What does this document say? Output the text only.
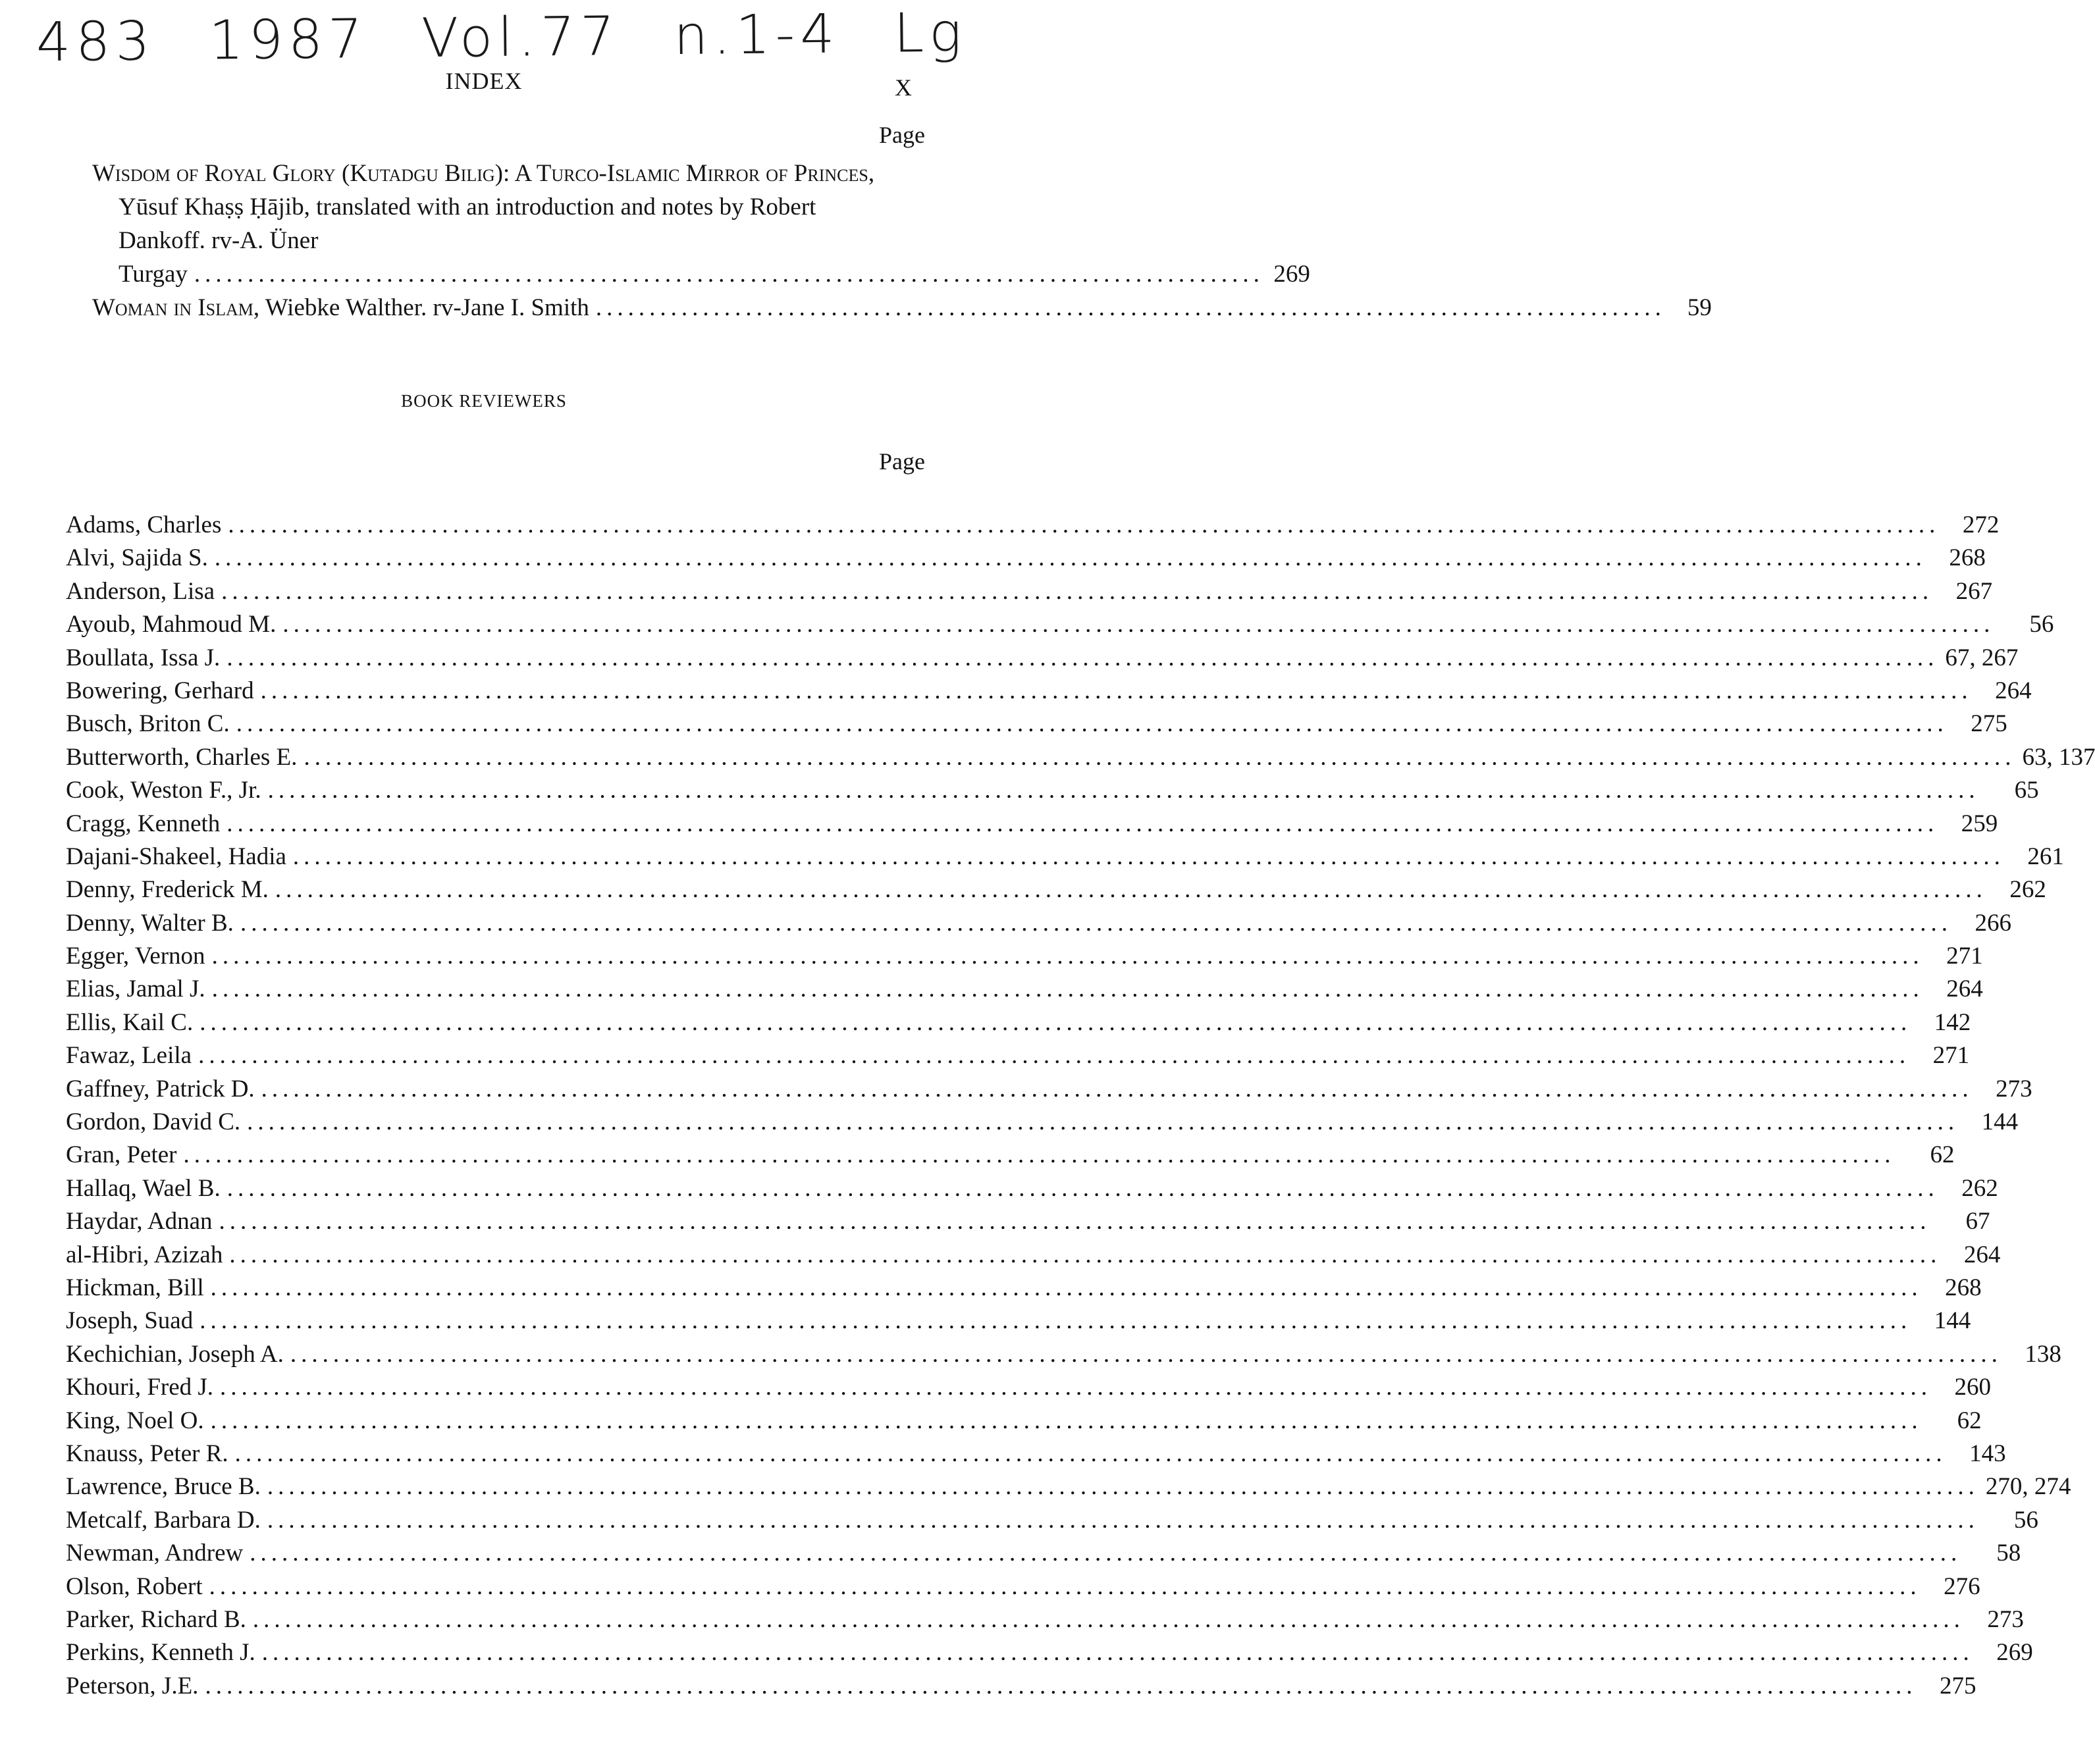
483 1987 Vol.77 n.1-4 Lg
INDEX	X
Page
Wisdom of Royal Glory (Kutadgu Bilig): A Turco-Islamic Mirror of Princes, Yūsuf Khaṣṣ Ḥājib, translated with an introduction and notes by Robert Dankoff. rv-A. Üner
Turgay .................................................................................................... 269
Woman in Islam, Wiebke Walther. rv-Jane I. Smith .................................................................................................... 59
BOOK REVIEWERS
Page
Adams, Charles ................................................................................................................................................................ 272
Alvi, Sajida S. ................................................................................................................................................................ 268
Anderson, Lisa ................................................................................................................................................................ 267
Ayoub, Mahmoud M. ................................................................................................................................................................	56
Boullata, Issa J. ................................................................................................................................................................ 67, 267
Bowering, Gerhard ................................................................................................................................................................ 264
Busch, Briton C. ................................................................................................................................................................ 275
Butterworth, Charles E. ................................................................................................................................................................ 63, 137
Cook, Weston F., Jr. ................................................................................................................................................................	65
Cragg, Kenneth ................................................................................................................................................................ 259
Dajani-Shakeel, Hadia ................................................................................................................................................................ 261
Denny, Frederick M. ................................................................................................................................................................ 262
Denny, Walter B. ................................................................................................................................................................ 266
Egger, Vernon ................................................................................................................................................................ 271
Elias, Jamal J. ................................................................................................................................................................ 264
Ellis, Kail C. ................................................................................................................................................................ 142
Fawaz, Leila ................................................................................................................................................................ 271
Gaffney, Patrick D. ................................................................................................................................................................ 273
Gordon, David C. ................................................................................................................................................................ 144
Gran, Peter ................................................................................................................................................................	62
Hallaq, Wael B. ................................................................................................................................................................ 262
Haydar, Adnan ................................................................................................................................................................	67
al-Hibri, Azizah ................................................................................................................................................................ 264
Hickman, Bill ................................................................................................................................................................ 268
Joseph, Suad ................................................................................................................................................................ 144
Kechichian, Joseph A. ................................................................................................................................................................ 138
Khouri, Fred J. ................................................................................................................................................................ 260
King, Noel O. ................................................................................................................................................................	62
Knauss, Peter R. ................................................................................................................................................................ 143
Lawrence, Bruce B. ................................................................................................................................................................ 270, 274
Metcalf, Barbara D. ................................................................................................................................................................	56
Newman, Andrew ................................................................................................................................................................	58
Olson, Robert ................................................................................................................................................................ 276
Parker, Richard B. ................................................................................................................................................................ 273
Perkins, Kenneth J. ................................................................................................................................................................ 269
Peterson, J.E. ................................................................................................................................................................ 275
